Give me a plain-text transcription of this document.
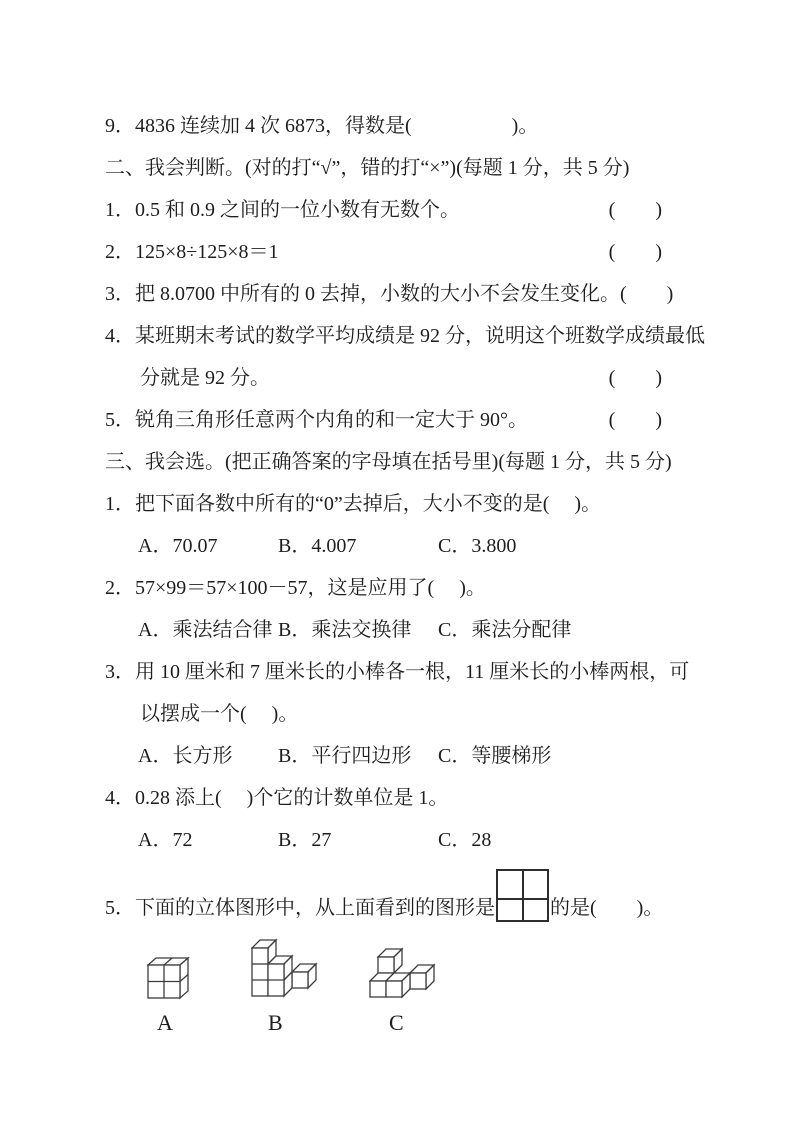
9．4836 连续加 4 次 6873，得数是(　　　　　)。
二、我会判断。(对的打“√”，错的打“×”)(每题 1 分，共 5 分)
1．0.5 和 0.9 之间的一位小数有无数个。	(　　)
2．125×8÷125×8＝1	(　　)
3．把 8.0700 中所有的 0 去掉，小数的大小不会发生变化。 (　　)
4．某班期末考试的数学平均成绩是 92 分，说明这个班数学成绩最低
分就是 92 分。	(　　)
5．锐角三角形任意两个内角的和一定大于 90°。	(　　)
三、我会选。(把正确答案的字母填在括号里)(每题 1 分，共 5 分)
1．把下面各数中所有的“0”去掉后，大小不变的是(　 )。
A．70.07	B．4.007	C．3.800
2．57×99＝57×100－57，这是应用了(　 )。
A．乘法结合律 B．乘法交换律	C．乘法分配律
3．用 10 厘米和 7 厘米长的小棒各一根，11 厘米长的小棒两根，可
以摆成一个(　 )。
A．长方形	B．平行四边形	C．等腰梯形
4．0.28 添上(　 )个它的计数单位是 1。
A．72	B．27	C．28
5．下面的立体图形中，从上面看到的图形是	的是(　　)。
A	B	C
